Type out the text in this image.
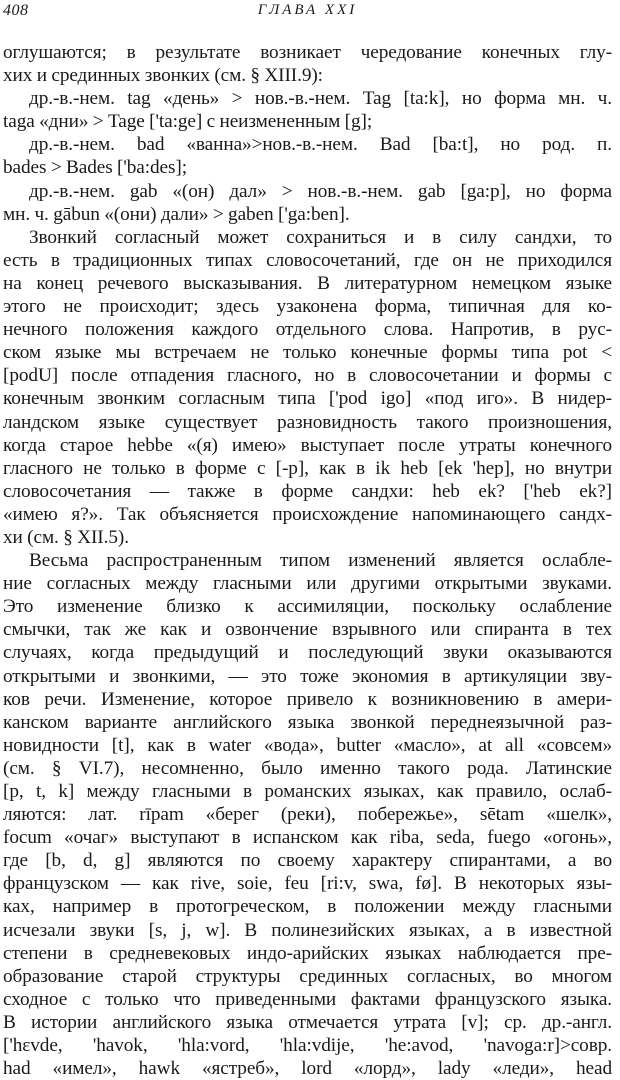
408	ГЛАВА XXI
оглушаются; в результате возникает чередование конечных глу-
хих и срединных звонких (см. § XIII.9):
др.-в.-нем. tag «день» > нов.-в.-нем. Tag [ta:k], но форма мн. ч.
taga «дни» > Tage ['ta:ge] с неизмененным [g];
др.-в.-нем. bad «ванна»>нов.-в.-нем. Bad [ba:t], но род. п.
bades > Bades ['ba:des];
др.-в.-нем. gab «(он) дал» > нов.-в.-нем. gab [ga:p], но форма
мн. ч. gābun «(они) дали» > gaben ['ga:ben].
Звонкий согласный может сохраниться и в силу сандхи, то
есть в традиционных типах словосочетаний, где он не приходился
на конец речевого высказывания. В литературном немецком языке
этого не происходит; здесь узаконена форма, типичная для ко-
нечного положения каждого отдельного слова. Напротив, в рус-
ском языке мы встречаем не только конечные формы типа pot <
[podU] после отпадения гласного, но в словосочетании и формы с
конечным звонким согласным типа ['pod igo] «под иго». В нидер-
ландском языке существует разновидность такого произношения,
когда старое hebbe «(я) имею» выступает после утраты конечного
гласного не только в форме с [-p], как в ik heb [ek 'hep], но внутри
словосочетания — также в форме сандхи: heb ek? ['heb ek?]
«имею я?». Так объясняется происхождение напоминающего сандх-
хи (см. § XII.5).
Весьма распространенным типом изменений является ослабле-
ние согласных между гласными или другими открытыми звуками.
Это изменение близко к ассимиляции, поскольку ослабление
смычки, так же как и озвончение взрывного или спиранта в тех
случаях, когда предыдущий и последующий звуки оказываются
открытыми и звонкими, — это тоже экономия в артикуляции зву-
ков речи. Изменение, которое привело к возникновению в амери-
канском варианте английского языка звонкой переднеязычной раз-
новидности [t], как в water «вода», butter «масло», at all «совсем»
(см. § VI.7), несомненно, было именно такого рода. Латинские
[p, t, k] между гласными в романских языках, как правило, ослаб-
ляются: лат. rīpam «берег (реки), побережье», sētam «шелк»,
focum «очаг» выступают в испанском как riba, seda, fuego «огонь»,
где [b, d, g] являются по своему характеру спирантами, а во
французском — как rive, soie, feu [ri:v, swa, fø]. В некоторых язы-
ках, например в протогреческом, в положении между гласными
исчезали звуки [s, j, w]. В полинезийских языках, а в известной
степени в средневековых индо-арийских языках наблюдается пре-
образование старой структуры срединных согласных, во многом
сходное с только что приведенными фактами французского языка.
В истории английского языка отмечается утрата [v]; ср. др.-англ.
['hɛvde, 'havok, 'hla:vord, 'hla:vdije, 'he:avod, 'navoga:r]>совр.
had «имел», hawk «ястреб», lord «лорд», lady «леди», head
